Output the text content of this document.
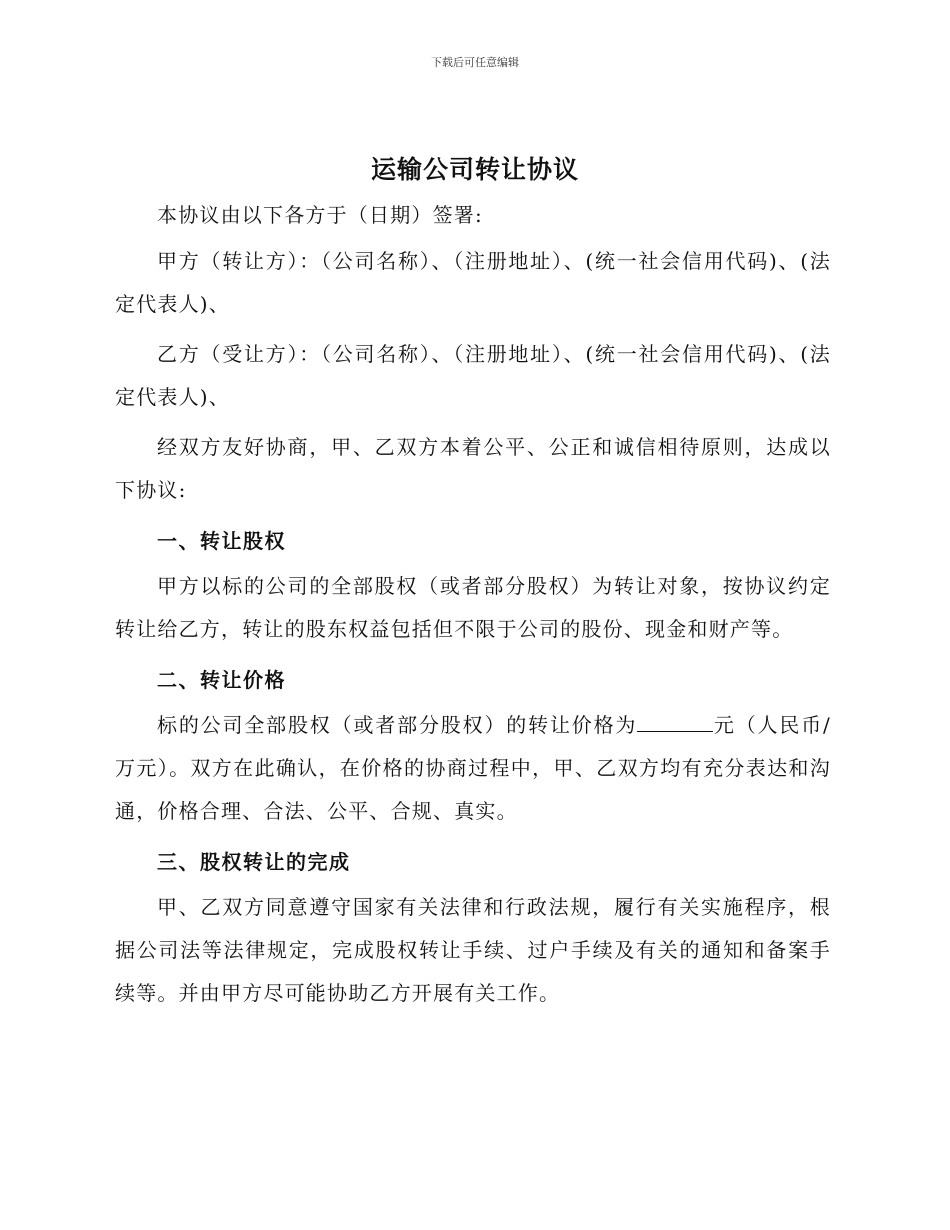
下载后可任意编辑
运输公司转让协议

本协议由以下各方于（日期）签署:

甲方（转让方）：（公司名称）、（注册地址）、(统一社会信用代码)、(法定代表人)、

乙方（受让方）：（公司名称）、（注册地址）、(统一社会信用代码)、(法定代表人)、

经双方友好协商，甲、乙双方本着公平、公正和诚信相待原则，达成以下协议:

一、转让股权

甲方以标的公司的全部股权（或者部分股权）为转让对象，按协议约定转让给乙方，转让的股东权益包括但不限于公司的股份、现金和财产等。

二、转让价格

标的公司全部股权（或者部分股权）的转让价格为	元（人民币/万元）。双方在此确认，在价格的协商过程中，甲、乙双方均有充分表达和沟通，价格合理、合法、公平、合规、真实。

三、股权转让的完成

甲、乙双方同意遵守国家有关法律和行政法规，履行有关实施程序，根据公司法等法律规定，完成股权转让手续、过户手续及有关的通知和备案手续等。并由甲方尽可能协助乙方开展有关工作。
